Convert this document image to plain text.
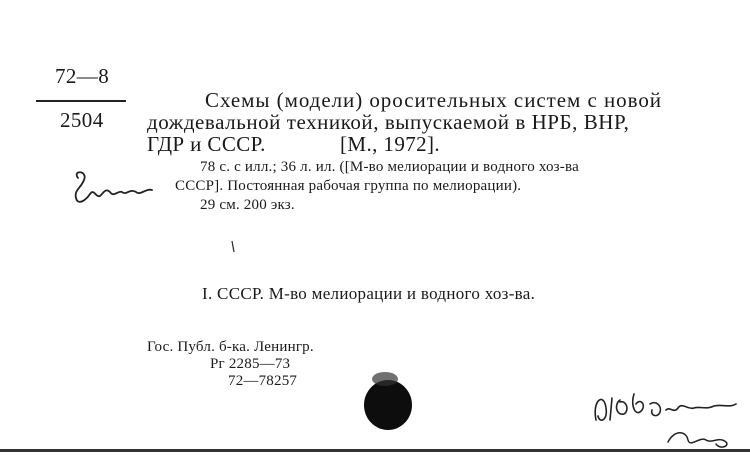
72—8
2504
Схемы (модели) оросительных систем с новой
дождевальной техникой, выпускаемой в НРБ, ВНР,
ГДР и СССР.	[М., 1972].
78 с. с илл.; 36 л. ил. ([М-во мелиорации и водного хоз-ва
СССР]. Постоянная рабочая группа по мелиорации).
29 см. 200 экз.
I. СССР. М-во мелиорации и водного хоз-ва.
Гос. Публ. б-ка. Ленингр.
Рг 2285—73
72—78257
